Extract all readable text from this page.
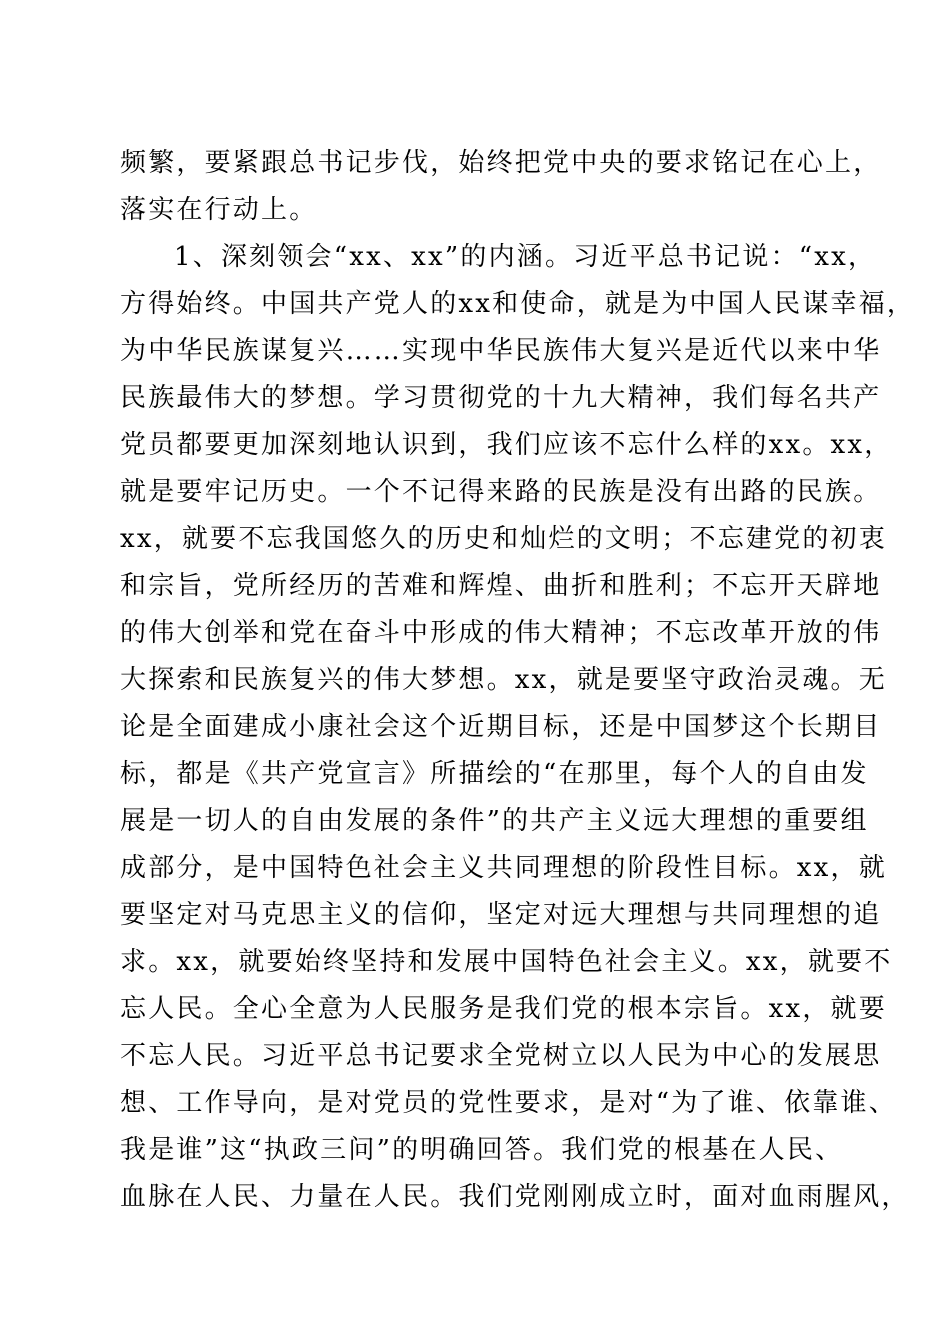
频繁，要紧跟总书记步伐，始终把党中央的要求铭记在心上，
落实在行动上。
1、深刻领会“xx、xx”的内涵。习近平总书记说：“xx，
方得始终。中国共产党人的xx和使命，就是为中国人民谋幸福，
为中华民族谋复兴……实现中华民族伟大复兴是近代以来中华
民族最伟大的梦想。学习贯彻党的十九大精神，我们每名共产
党员都要更加深刻地认识到，我们应该不忘什么样的xx。xx，
就是要牢记历史。一个不记得来路的民族是没有出路的民族。
xx，就要不忘我国悠久的历史和灿烂的文明；不忘建党的初衷
和宗旨，党所经历的苦难和辉煌、曲折和胜利；不忘开天辟地
的伟大创举和党在奋斗中形成的伟大精神；不忘改革开放的伟
大探索和民族复兴的伟大梦想。xx，就是要坚守政治灵魂。无
论是全面建成小康社会这个近期目标，还是中国梦这个长期目
标，都是《共产党宣言》所描绘的“在那里，每个人的自由发
展是一切人的自由发展的条件”的共产主义远大理想的重要组
成部分，是中国特色社会主义共同理想的阶段性目标。xx，就
要坚定对马克思主义的信仰，坚定对远大理想与共同理想的追
求。xx，就要始终坚持和发展中国特色社会主义。xx，就要不
忘人民。全心全意为人民服务是我们党的根本宗旨。xx，就要
不忘人民。习近平总书记要求全党树立以人民为中心的发展思
想、工作导向，是对党员的党性要求，是对“为了谁、依靠谁、
我是谁”这“执政三问”的明确回答。我们党的根基在人民、
血脉在人民、力量在人民。我们党刚刚成立时，面对血雨腥风，
